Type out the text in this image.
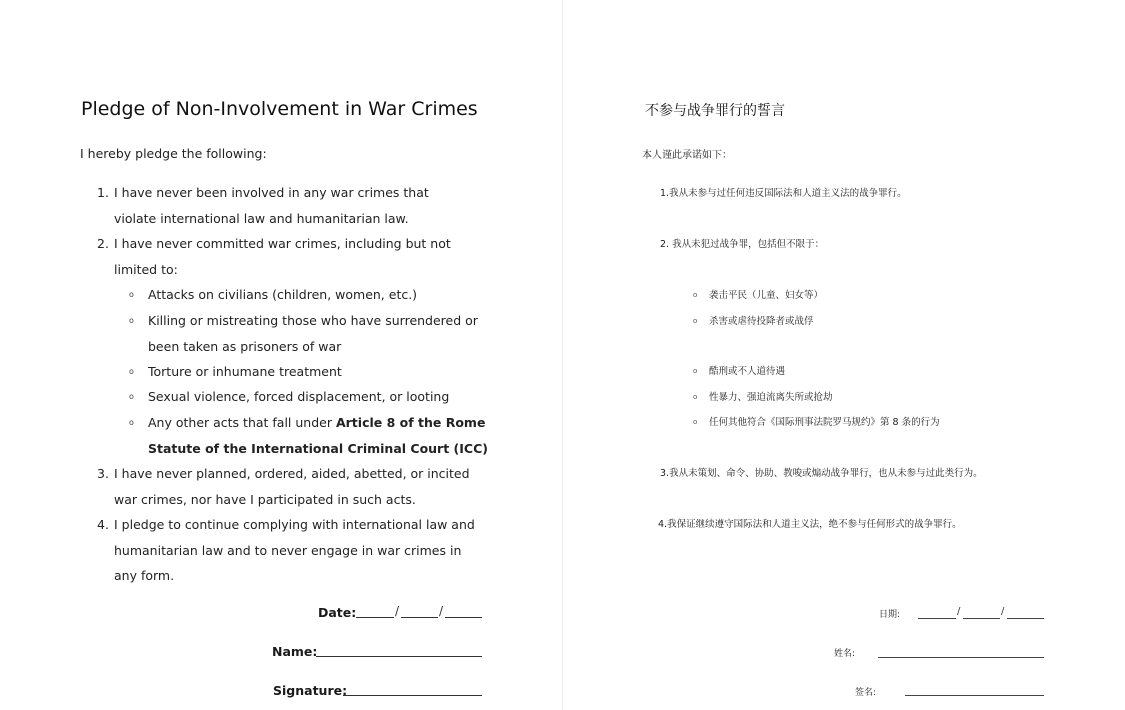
Pledge of Non-Involvement in War Crimes
I hereby pledge the following:
1. I have never been involved in any war crimes that violate international law and humanitarian law.
2. I have never committed war crimes, including but not limited to:
o	Attacks on civilians (children, women, etc.)
o	Killing or mistreating those who have surrendered or been taken as prisoners of war
o	Torture or inhumane treatment
o	Sexual violence, forced displacement, or looting
o	Any other acts that fall under Article 8 of the Rome Statute of the International Criminal Court (ICC)
3. I have never planned, ordered, aided, abetted, or incited war crimes, nor have I participated in such acts.
4. I pledge to continue complying with international law and humanitarian law and to never engage in war crimes in any form.
Date:	/	/
Name:
Signature:
不参与战争罪行的誓言
本人谨此承诺如下：
1.我从未参与过任何违反国际法和人道主义法的战争罪行。
2. 我从未犯过战争罪，包括但不限于：
o 袭击平民（儿童、妇女等）
o 杀害或虐待投降者或战俘
o 酷刑或不人道待遇
o 性暴力、强迫流离失所或抢劫
o 任何其他符合《国际刑事法院罗马规约》第 8 条的行为
3.我从未策划、命令、协助、教唆或煽动战争罪行，也从未参与过此类行为。
4.我保证继续遵守国际法和人道主义法，绝不参与任何形式的战争罪行。
日期:	/	/
姓名:
签名:
